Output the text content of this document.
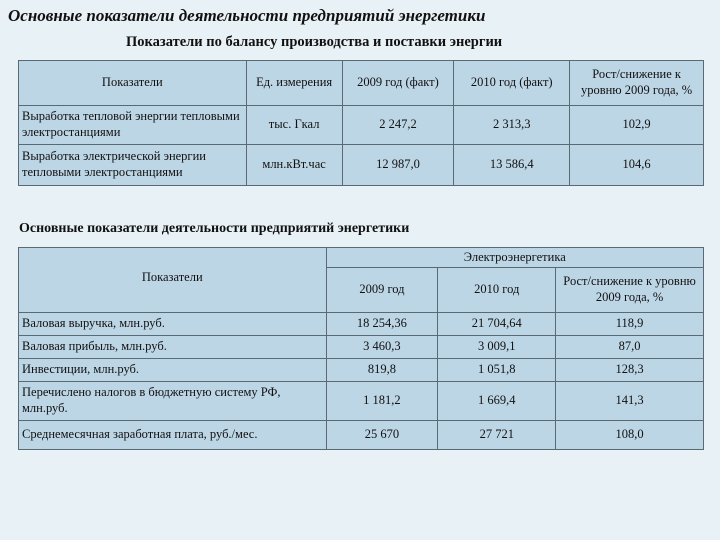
Основные показатели деятельности предприятий энергетики
Показатели по балансу производства и поставки энергии
Показатели	Ед. измерения	2009 год (факт)	2010 год (факт)	Рост/снижение к уровню 2009 года, %
Выработка тепловой энергии тепловыми электростанциями	тыс. Гкал	2 247,2	2 313,3	102,9
Выработка электрической энергии тепловыми электростанциями	млн.кВт.час	12 987,0	13 586,4	104,6
Основные показатели деятельности предприятий энергетики
Показатели	Электроэнергетика		
	2009 год	2010 год	Рост/снижение к уровню 2009 года, %
Валовая выручка, млн.руб.	18 254,36	21 704,64	118,9
Валовая прибыль, млн.руб.	3 460,3	3 009,1	87,0
Инвестиции, млн.руб.	819,8	1 051,8	128,3
Перечислено налогов в бюджетную систему РФ, млн.руб.	1 181,2	1 669,4	141,3
Среднемесячная заработная плата, руб./мес.	25 670	27 721	108,0
